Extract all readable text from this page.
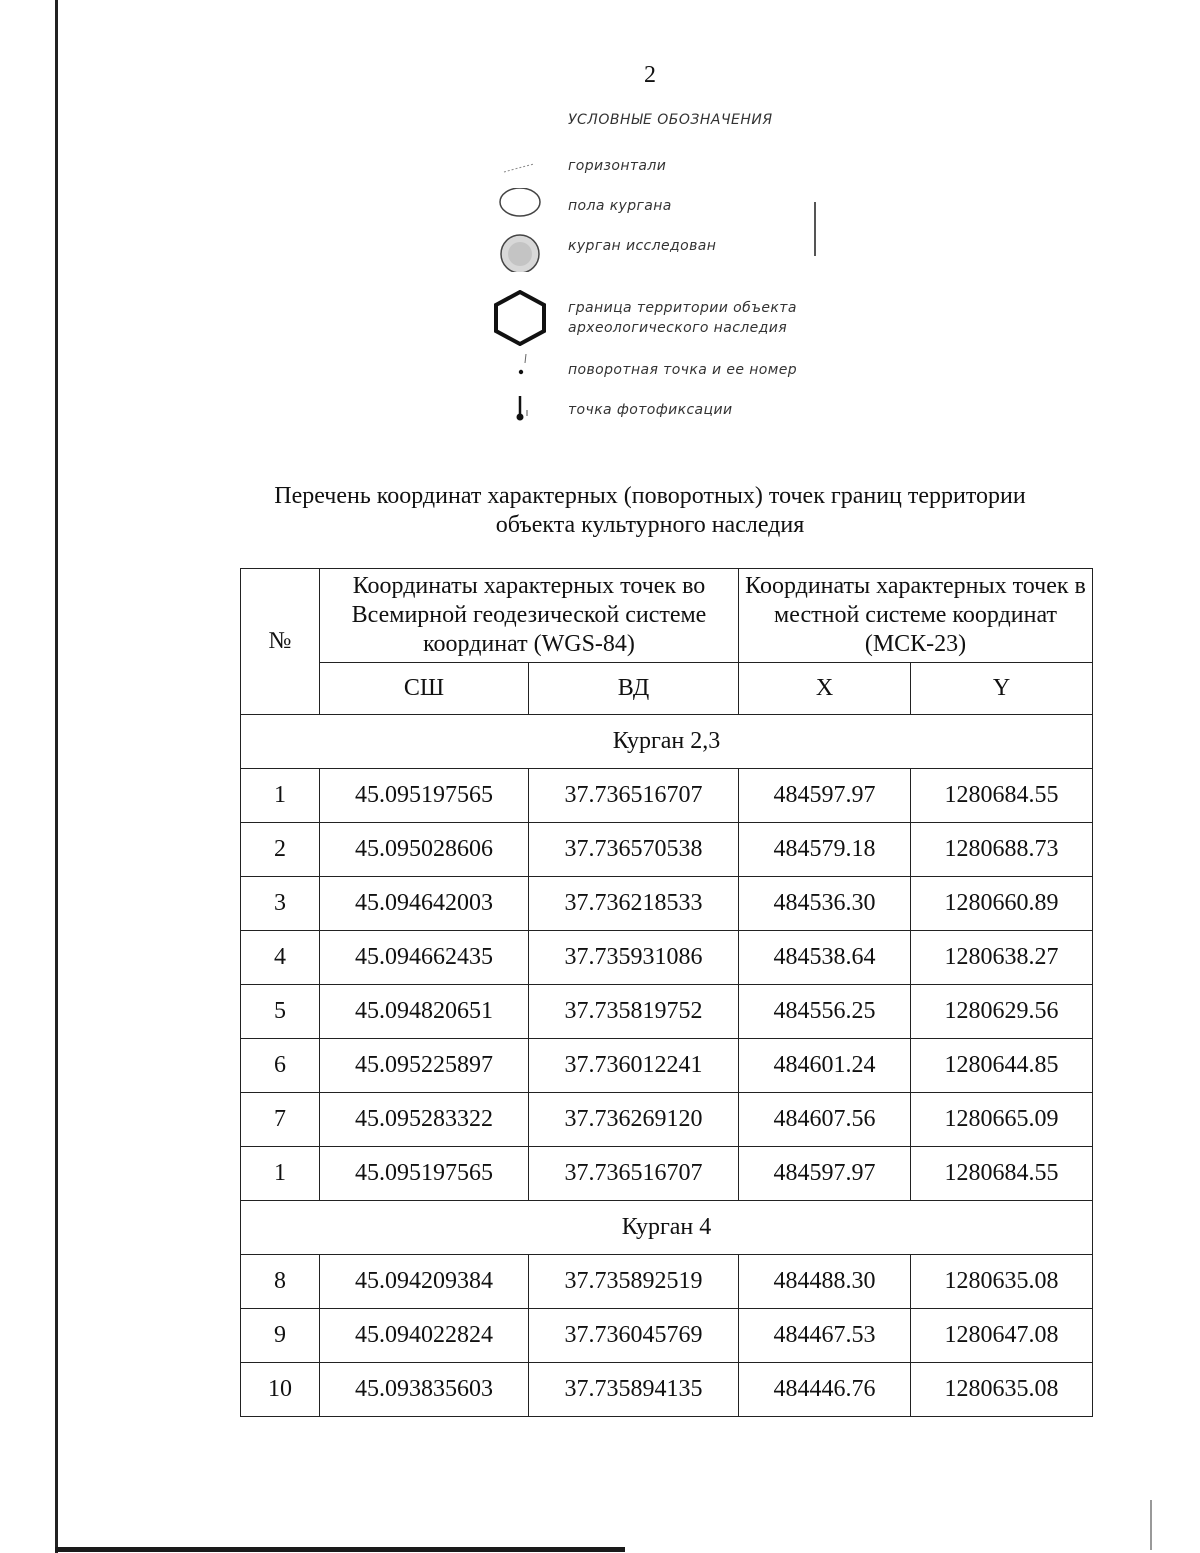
2
УСЛОВНЫЕ ОБОЗНАЧЕНИЯ
горизонтали
пола кургана
курган исследован
граница территории объекта
археологического наследия
поворотная точка и ее номер
точка фотофиксации
Перечень координат характерных (поворотных) точек границ территории
объекта культурного наследия
№	Координаты характерных точек во Всемирной геодезической системе координат (WGS-84)		Координаты характерных точек в местной системе координат (МСК-23)	
	СШ	ВД	X	Y
Курган 2,3				
1	45.095197565	37.736516707	484597.97	1280684.55
2	45.095028606	37.736570538	484579.18	1280688.73
3	45.094642003	37.736218533	484536.30	1280660.89
4	45.094662435	37.735931086	484538.64	1280638.27
5	45.094820651	37.735819752	484556.25	1280629.56
6	45.095225897	37.736012241	484601.24	1280644.85
7	45.095283322	37.736269120	484607.56	1280665.09
1	45.095197565	37.736516707	484597.97	1280684.55
Курган 4				
8	45.094209384	37.735892519	484488.30	1280635.08
9	45.094022824	37.736045769	484467.53	1280647.08
10	45.093835603	37.735894135	484446.76	1280635.08
